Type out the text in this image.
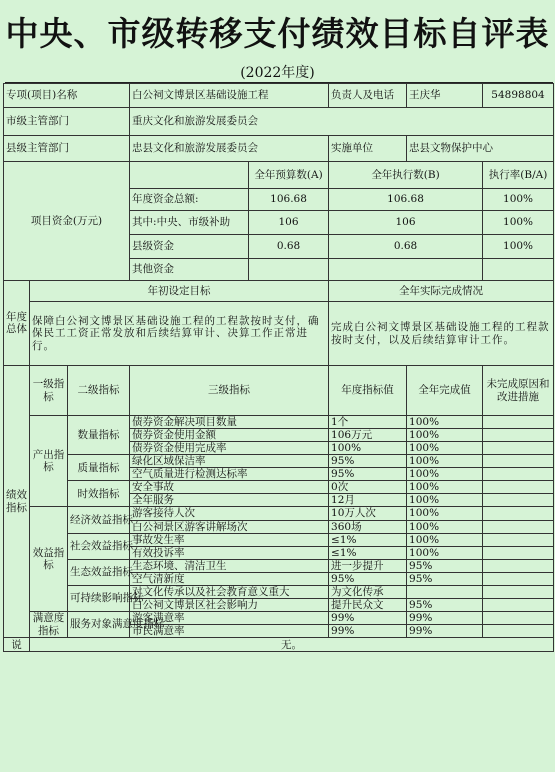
中央、市级转移支付绩效目标自评表
(2022年度)
专项(项目)名称			白公祠文博景区基础设施工程		负责人及电话	王庆华	54898804
市级主管部门			重庆文化和旅游发展委员会				
县级主管部门			忠县文化和旅游发展委员会		实施单位	忠县文物保护中心	
项目资金(万元)				全年预算数(A)	全年执行数(B)		执行率(B/A)
			年度资金总额:	106.68	106.68		100%
			其中:中央、市级补助	106	106		100%
			县级资金	0.68	0.68		100%
			其他资金				
年度总体	年初设定目标				全年实际完成情况		
	保障白公祠文博景区基础设施工程的工程款按时支付，确保民工工资正常发放和后续结算审计、决算工作正常进行。				完成白公祠文博景区基础设施工程的工程款按时支付，以及后续结算审计工作。		
绩效指标	一级指标	二级指标	三级指标		年度指标值	全年完成值	未完成原因和改进措施
	产出指标	数量指标	债券资金解决项目数量		1个	100%	
			债券资金使用金额		106万元	100%	
			债券资金使用完成率		100%	100%	
		质量指标	绿化区域保洁率		95%	100%	
			空气质量进行检测达标率		95%	100%	
		时效指标	安全事故		0次	100%	
			全年服务		12月	100%	
	效益指标	经济效益指标	游客接待人次		10万人次	100%	
			白公祠景区游客讲解场次		360场	100%	
		社会效益指标	事故发生率		≤1%	100%	
			有效投诉率		≤1%	100%	
		生态效益指标	生态环境、清洁卫生		进一步提升	95%	
			空气清新度		95%	95%	
		可持续影响指标	对文化传承以及社会教育意义重大		为文化传承		
			白公祠文博景区社会影响力		提升民众文	95%	
	满意度指标	服务对象满意度指标	游客满意率		99%	99%	
			市民满意率		99%	99%	
说	无。						
